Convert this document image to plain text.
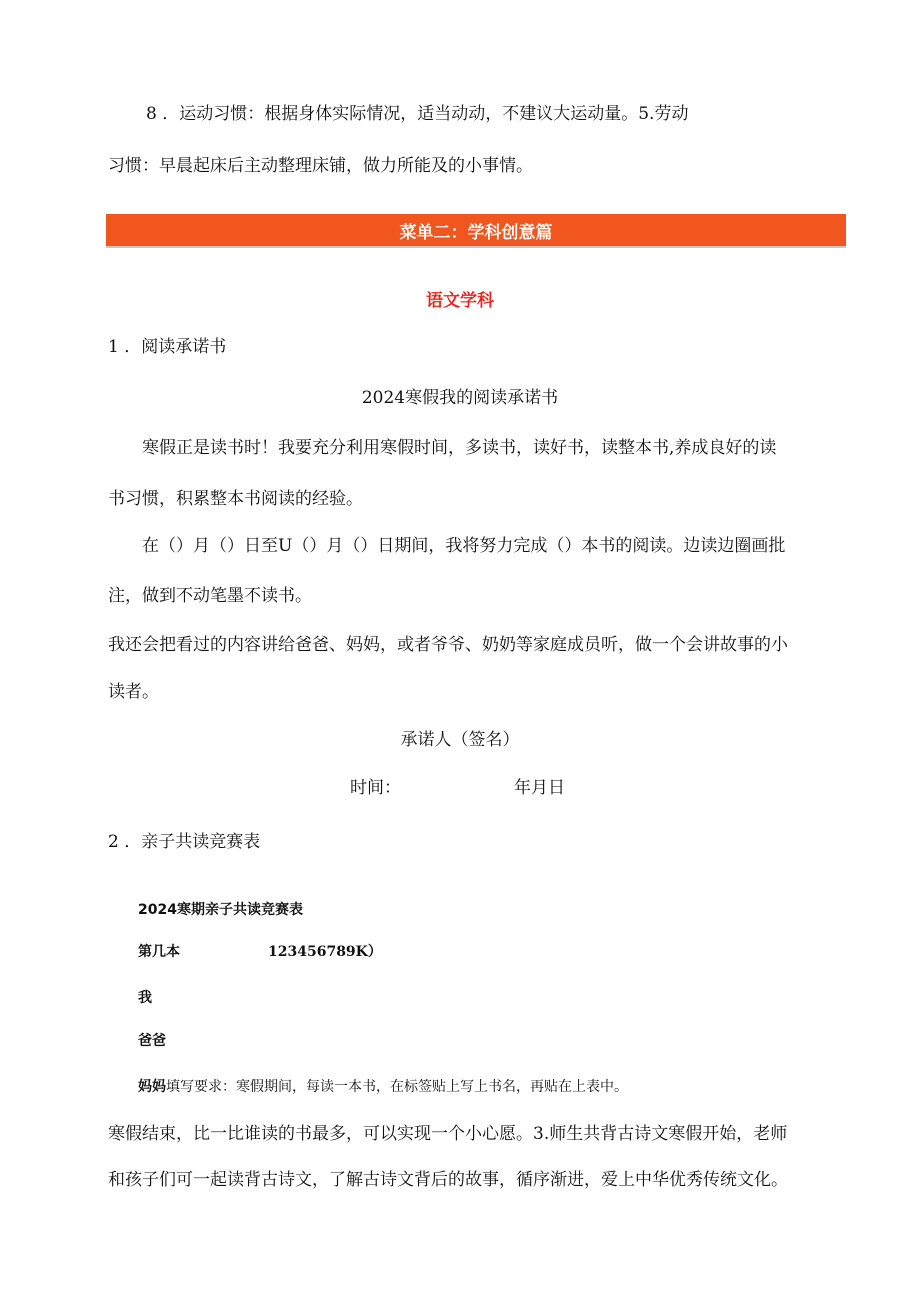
8 ．运动习惯：根据身体实际情况，适当动动，不建议大运动量。5.劳动
习惯：早晨起床后主动整理床铺，做力所能及的小事情。
菜单二：学科创意篇
语文学科
1 ．阅读承诺书
2024寒假我的阅读承诺书
寒假正是读书时！我要充分利用寒假时间，多读书，读好书，读整本书,养成良好的读
书习惯，积累整本书阅读的经验。
在（）月（）日至U（）月（）日期间，我将努力完成（）本书的阅读。边读边圈画批
注，做到不动笔墨不读书。
我还会把看过的内容讲给爸爸、妈妈，或者爷爷、奶奶等家庭成员听，做一个会讲故事的小
读者。
承诺人（签名）
时间：	年月日
2 ．亲子共读竞赛表
2024寒期亲子共读竞赛表
第几本	123456789K）
我
爸爸
妈妈填写要求：寒假期间，每读一本书，在标签贴上写上书名，再贴在上表中。
寒假结束，比一比谁读的书最多，可以实现一个小心愿。3.师生共背古诗文寒假开始，老师
和孩子们可一起读背古诗文，了解古诗文背后的故事，循序渐进，爱上中华优秀传统文化。
